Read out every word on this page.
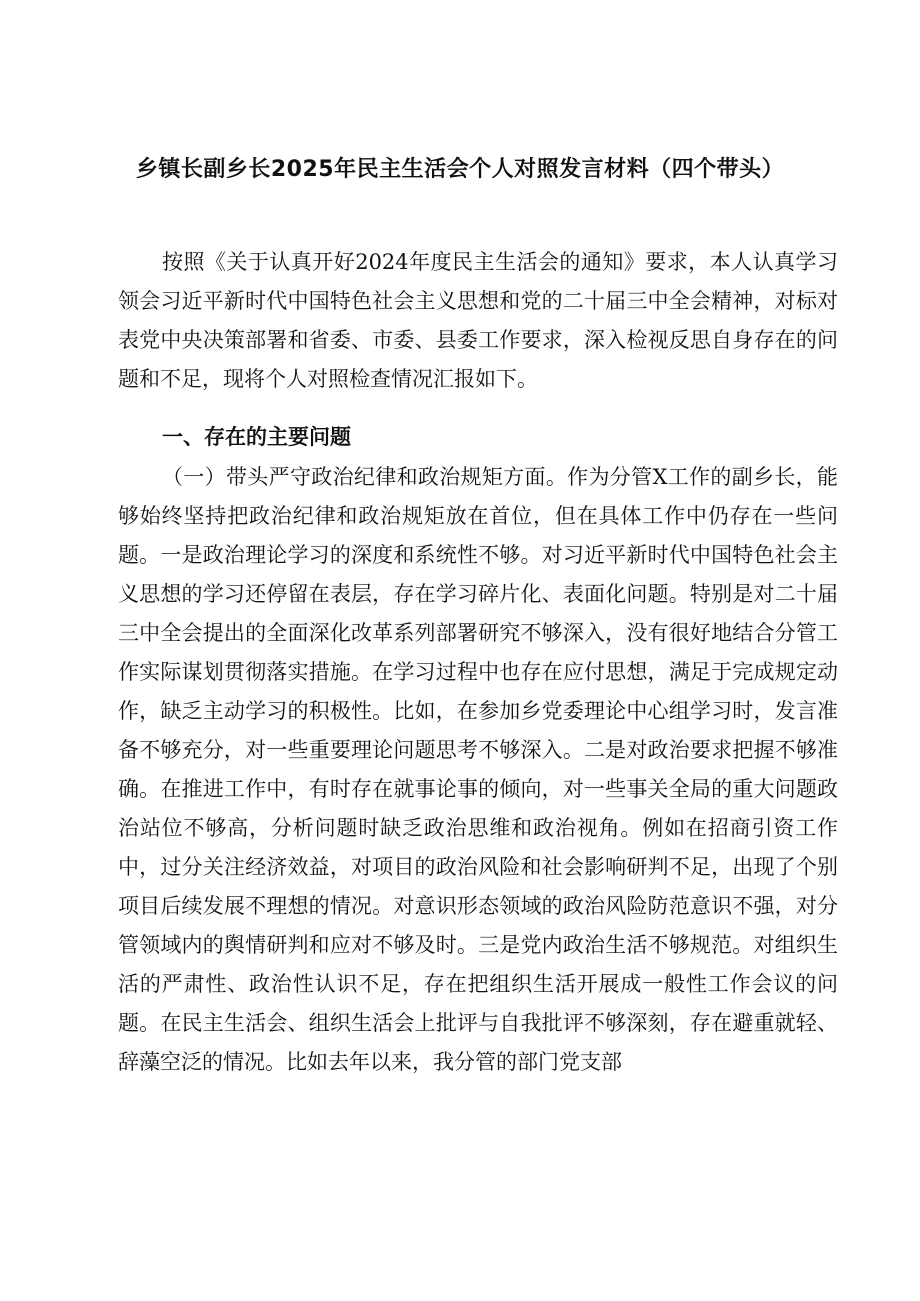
乡镇长副乡长2025年民主生活会个人对照发言材料（四个带头）

按照《关于认真开好2024年度民主生活会的通知》要求，本人认真学习领会习近平新时代中国特色社会主义思想和党的二十届三中全会精神，对标对表党中央决策部署和省委、市委、县委工作要求，深入检视反思自身存在的问题和不足，现将个人对照检查情况汇报如下。

一、存在的主要问题

（一）带头严守政治纪律和政治规矩方面。作为分管X工作的副乡长，能够始终坚持把政治纪律和政治规矩放在首位，但在具体工作中仍存在一些问题。一是政治理论学习的深度和系统性不够。对习近平新时代中国特色社会主义思想的学习还停留在表层，存在学习碎片化、表面化问题。特别是对二十届三中全会提出的全面深化改革系列部署研究不够深入，没有很好地结合分管工作实际谋划贯彻落实措施。在学习过程中也存在应付思想，满足于完成规定动作，缺乏主动学习的积极性。比如，在参加乡党委理论中心组学习时，发言准备不够充分，对一些重要理论问题思考不够深入。二是对政治要求把握不够准确。在推进工作中，有时存在就事论事的倾向，对一些事关全局的重大问题政治站位不够高，分析问题时缺乏政治思维和政治视角。例如在招商引资工作中，过分关注经济效益，对项目的政治风险和社会影响研判不足，出现了个别项目后续发展不理想的情况。对意识形态领域的政治风险防范意识不强，对分管领域内的舆情研判和应对不够及时。三是党内政治生活不够规范。对组织生活的严肃性、政治性认识不足，存在把组织生活开展成一般性工作会议的问题。在民主生活会、组织生活会上批评与自我批评不够深刻，存在避重就轻、辞藻空泛的情况。比如去年以来，我分管的部门党支部
